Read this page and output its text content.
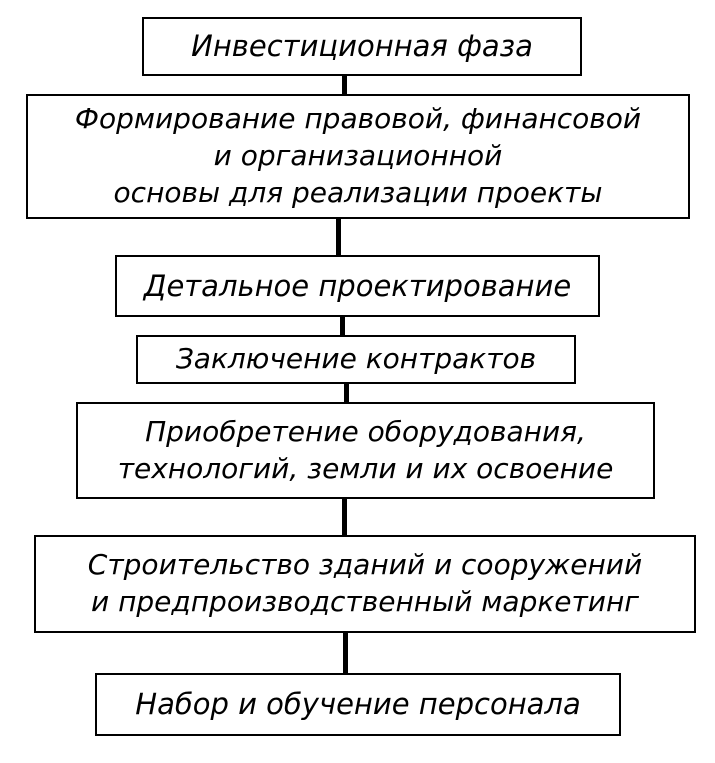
Инвестиционная фаза
Формирование правовой, финансовой
и организационной
основы для реализации проекты
Детальное проектирование
Заключение контрактов
Приобретение оборудования,
технологий, земли и их освоение
Строительство зданий и сооружений
и предпроизводственный маркетинг
Набор и обучение персонала
